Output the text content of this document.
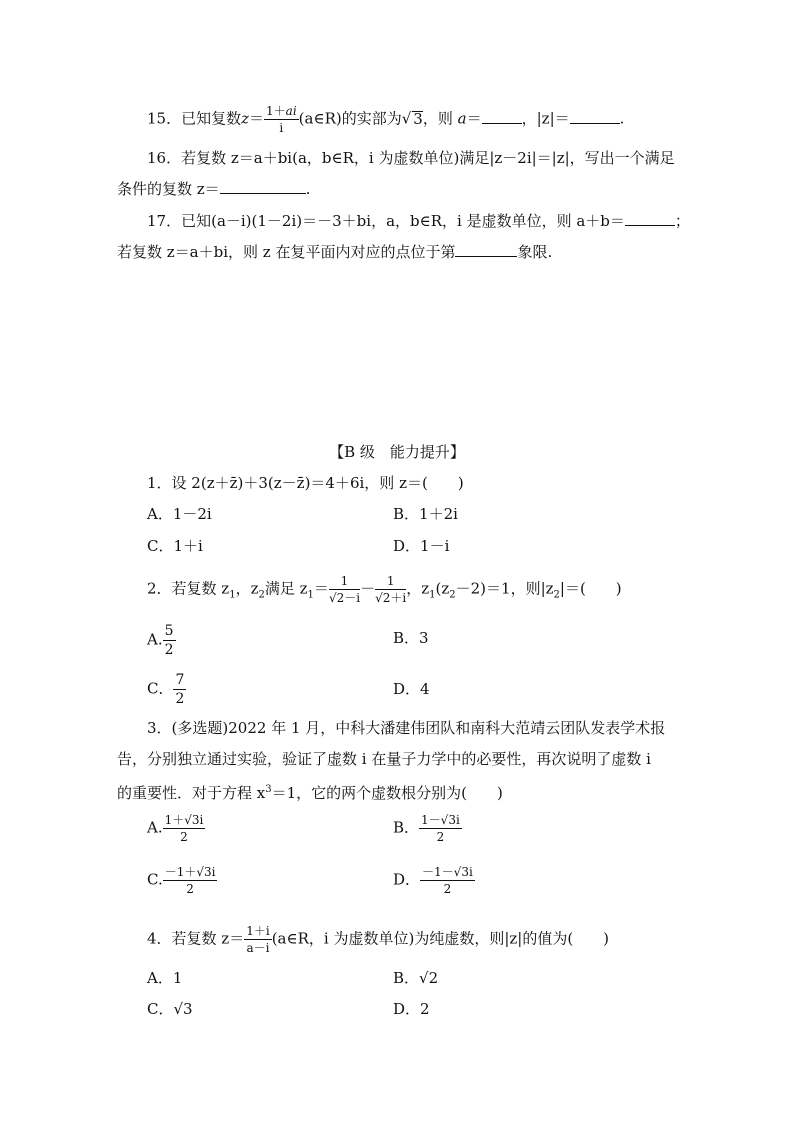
15．已知复数$z= \frac{1+ai}{i}$ (a∈R)的实部为√ 3，则 a＝	，|z|＝	.
16．若复数 z＝a＋bi(a，b∈R，i 为虚数单位)满足|z－2i|＝|z|，写出一个满足
条件的复数 z＝	.
17．已知(a－i)(1－2i)＝－3＋bi，a，b∈R，i 是虚数单位，则 a＋b＝	；
若复数 z＝a＋bi，则 z 在复平面内对应的点位于第	象限.
【B 级　能力提升】
1．设 2(z＋z̄)＋3(z－z̄)＝4＋6i，则 z＝(　　)
A．1－2i	B．1＋2i
C．1＋i	D．1－i
2．若复数 $z_1$，$z_2$满足 $z_1= \frac{1}{√2-i} - \frac{1}{√2+i}$ ，$z_1(z_2-2)=1$，则$|z_2|=$(　　)
A. $\frac{5}{2}$	B．3
C． $\frac{7}{2}$	D．4
3．(多选题)2022 年 1 月，中科大潘建伟团队和南科大范靖云团队发表学术报
告，分别独立通过实验，验证了虚数 i 在量子力学中的必要性，再次说明了虚数 i
的重要性．对于方程 $x^3=1$，它的两个虚数根分别为(　　)
A. $\frac{1+√3i}{2}$	B． $\frac{1-√3i}{2}$
C. $\frac{-1+√3i}{2}$	D． $\frac{-1-√3i}{2}$
4．若复数 $z= \frac{1+i}{a-i}$ (a∈R，i 为虚数单位)为纯虚数，则|z|的值为(　　)
A．1	B．√2
C．√3	D．2
